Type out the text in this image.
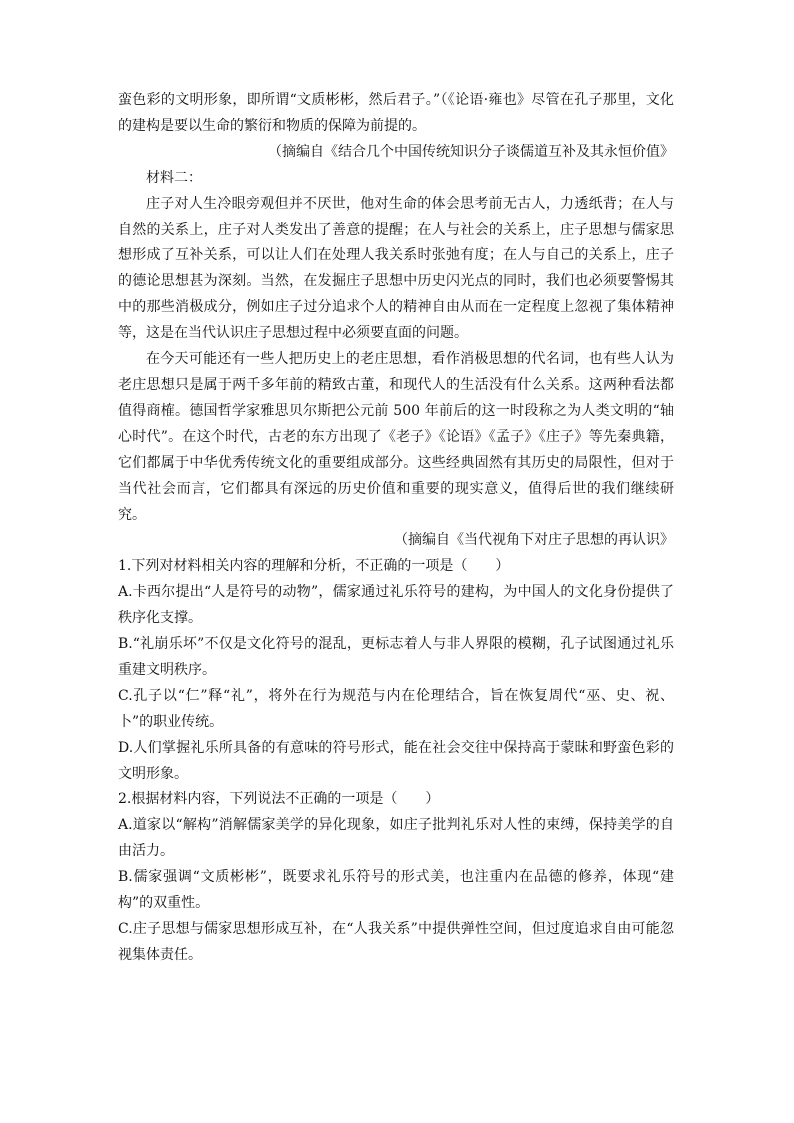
蛮色彩的文明形象，即所谓“文质彬彬，然后君子。”（《论语·雍也》尽管在孔子那里，文化的建构是要以生命的繁衍和物质的保障为前提的。

（摘编自《结合几个中国传统知识分子谈儒道互补及其永恒价值》

材料二：

庄子对人生冷眼旁观但并不厌世，他对生命的体会思考前无古人，力透纸背；在人与自然的关系上，庄子对人类发出了善意的提醒；在人与社会的关系上，庄子思想与儒家思想形成了互补关系，可以让人们在处理人我关系时张弛有度；在人与自己的关系上，庄子的德论思想甚为深刻。当然，在发掘庄子思想中历史闪光点的同时，我们也必须要警惕其中的那些消极成分，例如庄子过分追求个人的精神自由从而在一定程度上忽视了集体精神等，这是在当代认识庄子思想过程中必须要直面的问题。

在今天可能还有一些人把历史上的老庄思想，看作消极思想的代名词，也有些人认为老庄思想只是属于两千多年前的精致古董，和现代人的生活没有什么关系。这两种看法都值得商榷。德国哲学家雅思贝尔斯把公元前 500 年前后的这一时段称之为人类文明的“轴心时代”。在这个时代，古老的东方出现了《老子》《论语》《孟子》《庄子》等先秦典籍，它们都属于中华优秀传统文化的重要组成部分。这些经典固然有其历史的局限性，但对于当代社会而言，它们都具有深远的历史价值和重要的现实意义，值得后世的我们继续研究。

（摘编自《当代视角下对庄子思想的再认识》

1.下列对材料相关内容的理解和分析，不正确的一项是（　　）

A.卡西尔提出“人是符号的动物”，儒家通过礼乐符号的建构，为中国人的文化身份提供了秩序化支撑。

B.“礼崩乐坏”不仅是文化符号的混乱，更标志着人与非人界限的模糊，孔子试图通过礼乐重建文明秩序。

C.孔子以“仁”释“礼”，将外在行为规范与内在伦理结合，旨在恢复周代“巫、史、祝、卜”的职业传统。

D.人们掌握礼乐所具备的有意味的符号形式，能在社会交往中保持高于蒙昧和野蛮色彩的文明形象。

2.根据材料内容，下列说法不正确的一项是（　　）

A.道家以“解构”消解儒家美学的异化现象，如庄子批判礼乐对人性的束缚，保持美学的自由活力。

B.儒家强调“文质彬彬”，既要求礼乐符号的形式美，也注重内在品德的修养，体现“建构”的双重性。

C.庄子思想与儒家思想形成互补，在“人我关系”中提供弹性空间，但过度追求自由可能忽视集体责任。
